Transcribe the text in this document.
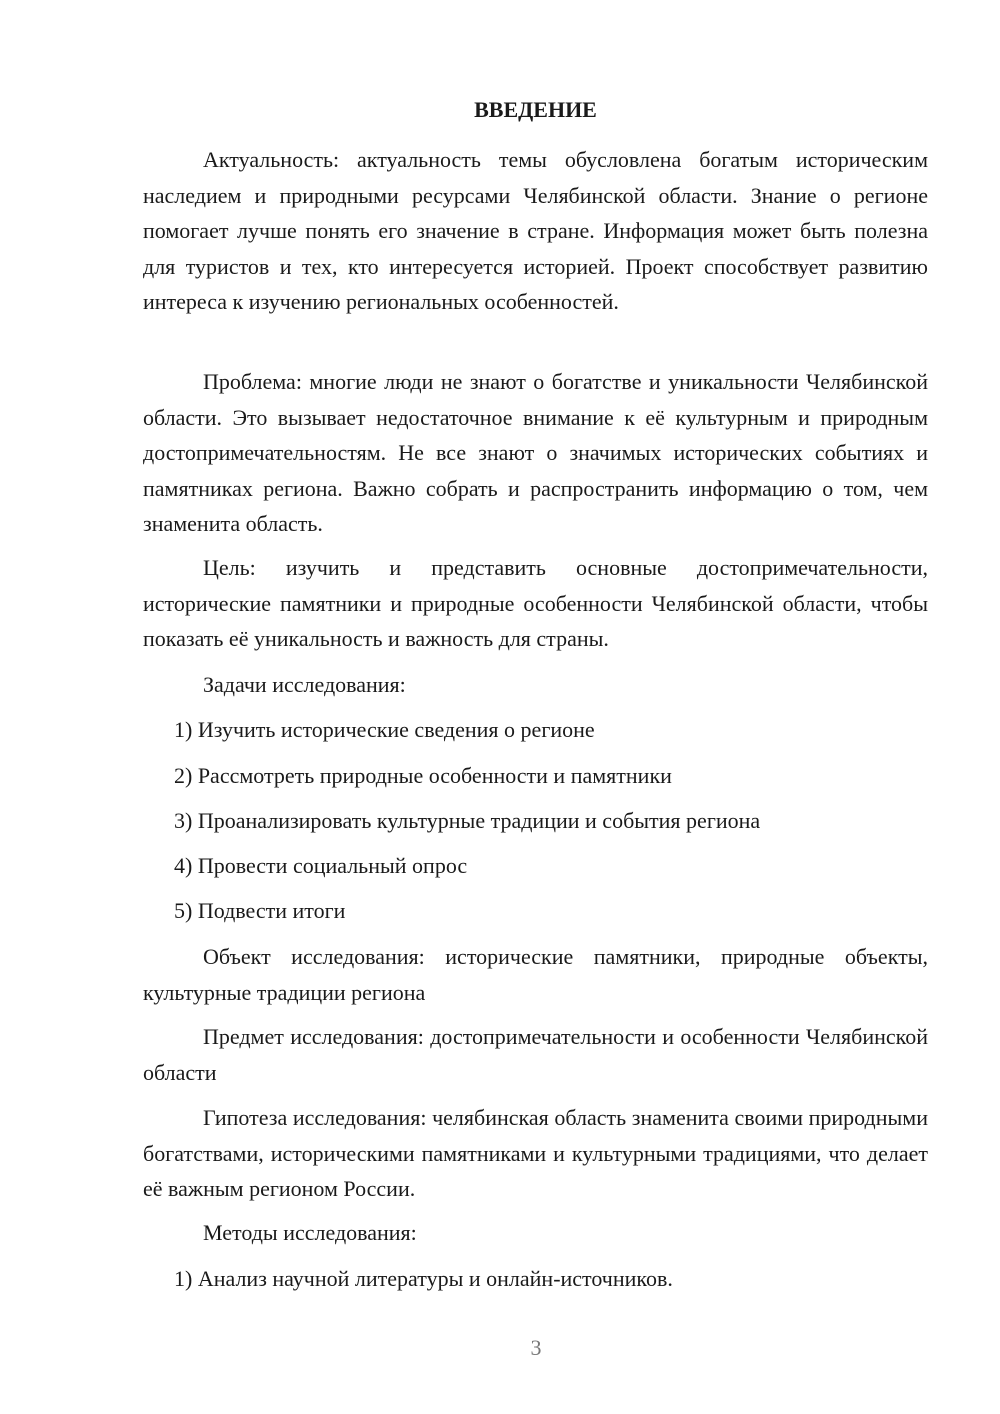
ВВЕДЕНИЕ

Актуальность: актуальность темы обусловлена богатым историческим наследием и природными ресурсами Челябинской области. Знание о регионе помогает лучше понять его значение в стране. Информация может быть полезна для туристов и тех, кто интересуется историей. Проект способствует развитию интереса к изучению региональных особенностей.

Проблема: многие люди не знают о богатстве и уникальности Челябинской области. Это вызывает недостаточное внимание к её культурным и природным достопримечательностям. Не все знают о значимых исторических событиях и памятниках региона. Важно собрать и распространить информацию о том, чем знаменита область.

Цель: изучить и представить основные достопримечательности, исторические памятники и природные особенности Челябинской области, чтобы показать её уникальность и важность для страны.

Задачи исследования:

1) Изучить исторические сведения о регионе

2) Рассмотреть природные особенности и памятники

3) Проанализировать культурные традиции и события региона

4) Провести социальный опрос

5) Подвести итоги

Объект исследования: исторические памятники, природные объекты, культурные традиции региона

Предмет исследования: достопримечательности и особенности Челябинской области

Гипотеза исследования: челябинская область знаменита своими природными богатствами, историческими памятниками и культурными традициями, что делает её важным регионом России.

Методы исследования:

1) Анализ научной литературы и онлайн-источников.

3
